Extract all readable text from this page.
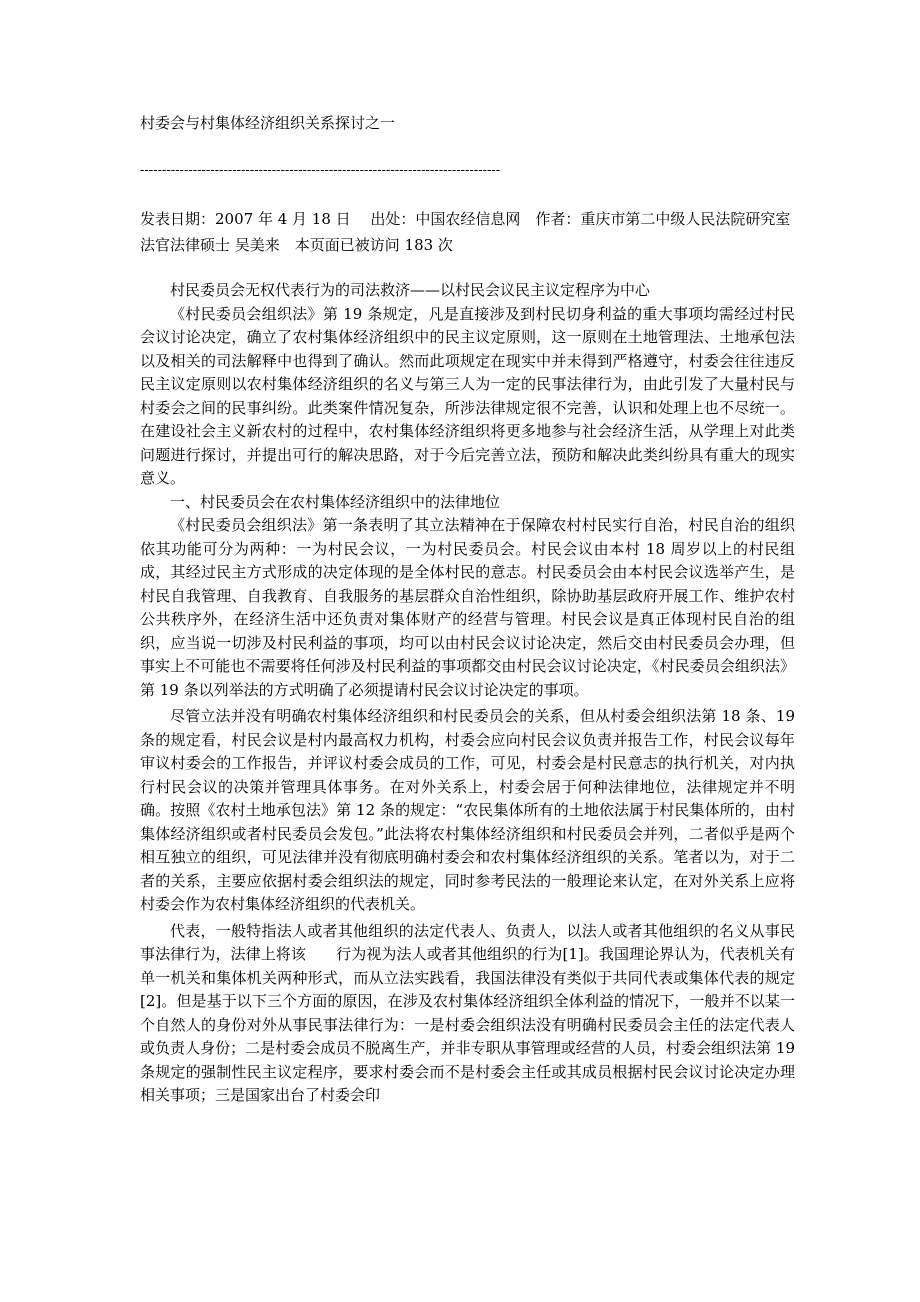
村委会与村集体经济组织关系探讨之一
----------------------------------------------------------------------------------
发表日期：2007 年 4 月 18 日　 出处：中国农经信息网　作者：重庆市第二中级人民法院研究室法官法律硕士 吴美来　本页面已被访问 183 次

村民委员会无权代表行为的司法救济——以村民会议民主议定程序为中心

《村民委员会组织法》第 19 条规定，凡是直接涉及到村民切身利益的重大事项均需经过村民会议讨论决定，确立了农村集体经济组织中的民主议定原则，这一原则在土地管理法、土地承包法以及相关的司法解释中也得到了确认。然而此项规定在现实中并未得到严格遵守，村委会往往违反民主议定原则以农村集体经济组织的名义与第三人为一定的民事法律行为，由此引发了大量村民与村委会之间的民事纠纷。此类案件情况复杂，所涉法律规定很不完善，认识和处理上也不尽统一。在建设社会主义新农村的过程中，农村集体经济组织将更多地参与社会经济生活，从学理上对此类问题进行探讨，并提出可行的解决思路，对于今后完善立法，预防和解决此类纠纷具有重大的现实意义。

一、村民委员会在农村集体经济组织中的法律地位

《村民委员会组织法》第一条表明了其立法精神在于保障农村村民实行自治，村民自治的组织依其功能可分为两种：一为村民会议，一为村民委员会。村民会议由本村 18 周岁以上的村民组成，其经过民主方式形成的决定体现的是全体村民的意志。村民委员会由本村民会议选举产生，是村民自我管理、自我教育、自我服务的基层群众自治性组织，除协助基层政府开展工作、维护农村公共秩序外，在经济生活中还负责对集体财产的经营与管理。村民会议是真正体现村民自治的组织，应当说一切涉及村民利益的事项，均可以由村民会议讨论决定，然后交由村民委员会办理，但事实上不可能也不需要将任何涉及村民利益的事项都交由村民会议讨论决定，《村民委员会组织法》第 19 条以列举法的方式明确了必须提请村民会议讨论决定的事项。

尽管立法并没有明确农村集体经济组织和村民委员会的关系，但从村委会组织法第 18 条、19 条的规定看，村民会议是村内最高权力机构，村委会应向村民会议负责并报告工作，村民会议每年审议村委会的工作报告，并评议村委会成员的工作，可见，村委会是村民意志的执行机关，对内执行村民会议的决策并管理具体事务。在对外关系上，村委会居于何种法律地位，法律规定并不明确。按照《农村土地承包法》第 12 条的规定：“农民集体所有的土地依法属于村民集体所的，由村集体经济组织或者村民委员会发包。”此法将农村集体经济组织和村民委员会并列，二者似乎是两个相互独立的组织，可见法律并没有彻底明确村委会和农村集体经济组织的关系。笔者以为，对于二者的关系，主要应依据村委会组织法的规定，同时参考民法的一般理论来认定，在对外关系上应将村委会作为农村集体经济组织的代表机关。

代表，一般特指法人或者其他组织的法定代表人、负责人，以法人或者其他组织的名义从事民事法律行为，法律上将该　　行为视为法人或者其他组织的行为[1]。我国理论界认为，代表机关有单一机关和集体机关两种形式，而从立法实践看，我国法律没有类似于共同代表或集体代表的规定[2]。但是基于以下三个方面的原因，在涉及农村集体经济组织全体利益的情况下，一般并不以某一个自然人的身份对外从事民事法律行为：一是村委会组织法没有明确村民委员会主任的法定代表人或负责人身份；二是村委会成员不脱离生产，并非专职从事管理或经营的人员，村委会组织法第 19 条规定的强制性民主议定程序，要求村委会而不是村委会主任或其成员根据村民会议讨论决定办理相关事项；三是国家出台了村委会印
